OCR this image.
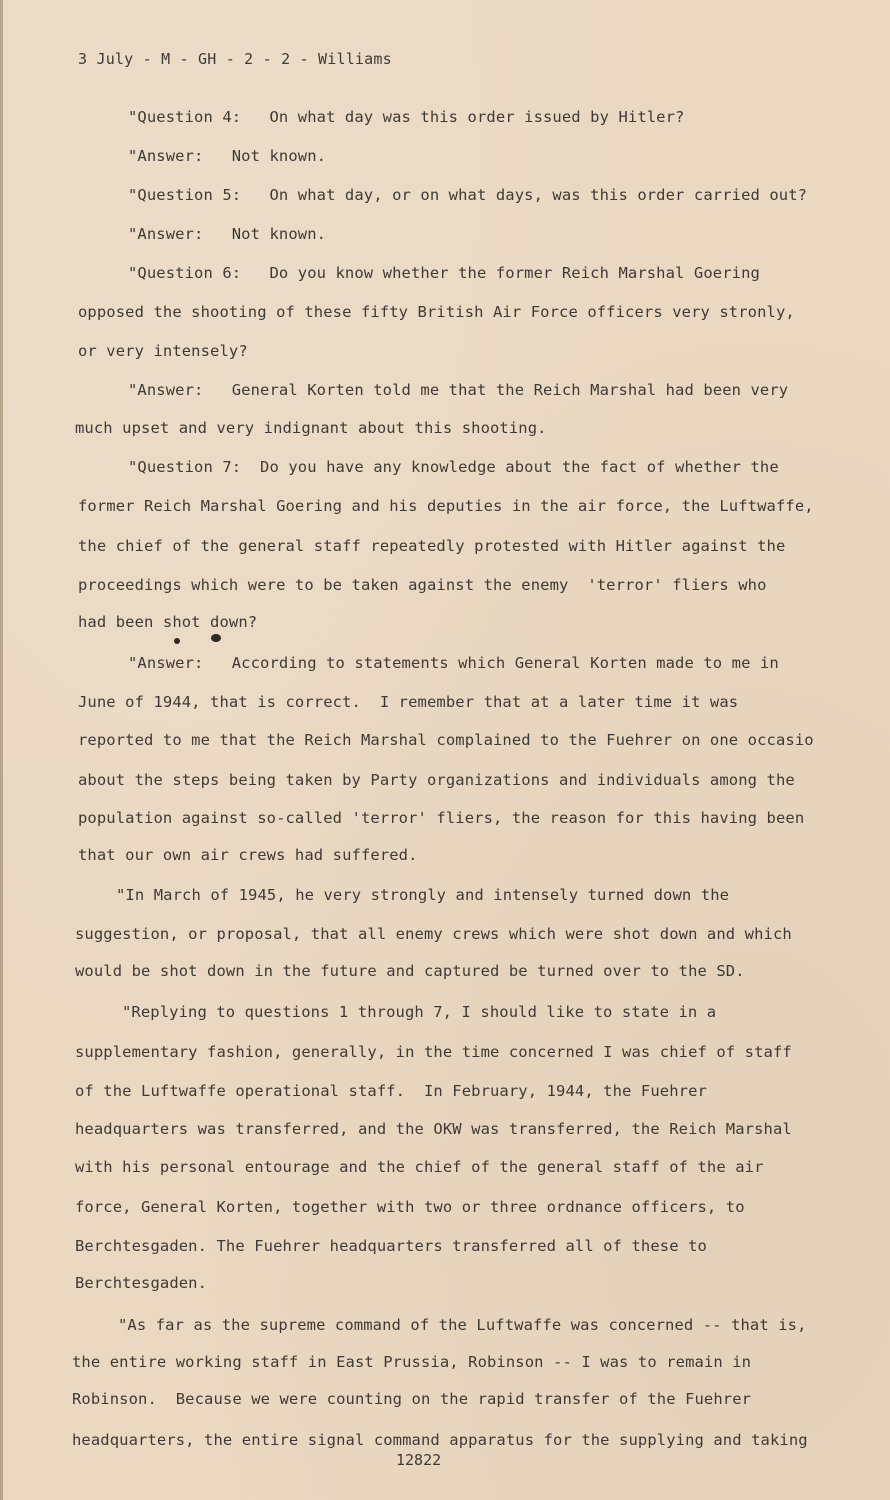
3 July - M - GH - 2 - 2 - Williams
"Question 4:   On what day was this order issued by Hitler?
"Answer:   Not known.
"Question 5:   On what day, or on what days, was this order carried out?
"Answer:   Not known.
"Question 6:   Do you know whether the former Reich Marshal Goering
opposed the shooting of these fifty British Air Force officers very stronly,
or very intensely?
"Answer:   General Korten told me that the Reich Marshal had been very
much upset and very indignant about this shooting.
"Question 7:  Do you have any knowledge about the fact of whether the
former Reich Marshal Goering and his deputies in the air force, the Luftwaffe,
the chief of the general staff repeatedly protested with Hitler against the
proceedings which were to be taken against the enemy  'terror' fliers who
had been shot down?
"Answer:   According to statements which General Korten made to me in
June of 1944, that is correct.  I remember that at a later time it was
reported to me that the Reich Marshal complained to the Fuehrer on one occasio
about the steps being taken by Party organizations and individuals among the
population against so-called 'terror' fliers, the reason for this having been
that our own air crews had suffered.
"In March of 1945, he very strongly and intensely turned down the
suggestion, or proposal, that all enemy crews which were shot down and which
would be shot down in the future and captured be turned over to the SD.
"Replying to questions 1 through 7, I should like to state in a
supplementary fashion, generally, in the time concerned I was chief of staff
of the Luftwaffe operational staff.  In February, 1944, the Fuehrer
headquarters was transferred, and the OKW was transferred, the Reich Marshal
with his personal entourage and the chief of the general staff of the air
force, General Korten, together with two or three ordnance officers, to
Berchtesgaden. The Fuehrer headquarters transferred all of these to
Berchtesgaden.
"As far as the supreme command of the Luftwaffe was concerned -- that is,
the entire working staff in East Prussia, Robinson -- I was to remain in
Robinson.  Because we were counting on the rapid transfer of the Fuehrer
headquarters, the entire signal command apparatus for the supplying and taking
12822
